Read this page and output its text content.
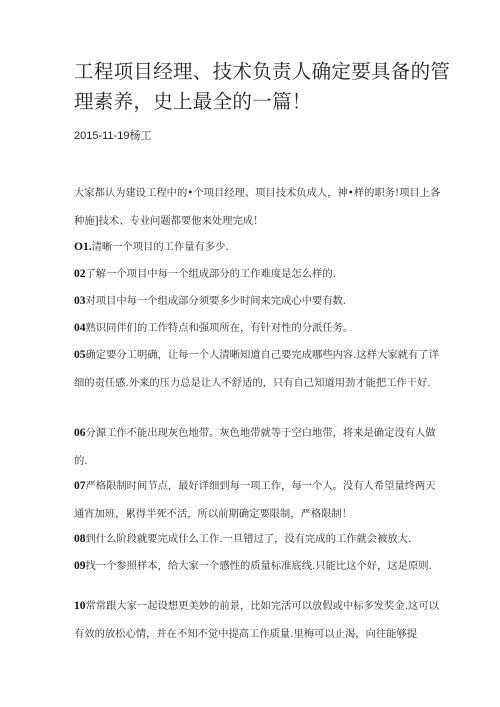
工程项目经理、技术负责人确定要具备的管理素养，史上最全的一篇！
2015-11-19杨工
大家都认为建设工程中的•个项目经理、项目技术负成人，神•样的职务!项目上各种施]技术、专业问题都要他来处理完成！
O1.清晰一个项目的工作量有多少.
02了解一个项目中每一个组成部分的工作难度是怎么样的.
03对项目中每一个组成部分须要多少时间来完成心中要有数.
04熟识同伴们的工作特点和强项所在，有针对性的分派任务。
05确定要分工明确，让每一个人清晰知道自己要完成哪些内容.这样大家就有了详细的责任感.外来的压力总是让人不舒适的，只有自己知道用劲才能把工作干好.
06分源工作不能出现灰色地带。灰色地带就等于空白地带，将来是确定没有人做的.
07严格限制时间节点，最好详细到每一项工作，每一个人。没有人希望量终两天通宵加班，累得半死不活，所以前期确定要限制，严格限制！
08到什么阶段就要完成什么工作.一旦错过了，没有完成的工作就会被放大.
09找一个参照样本，给大家一个感性的质量标准底线.只能比这个好，这是原则.
10常常跟大家一起设想更美妙的前景，比如完活可以放假或中标多发奖金.这可以有效的放松心情，并在不知不觉中提高工作质量.里梅可以止渴，向往能够提
